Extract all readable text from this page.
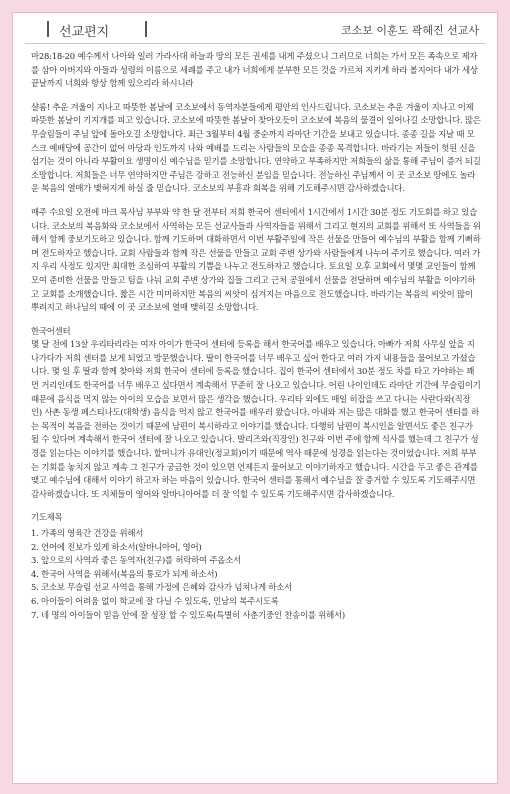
선교편지	코소보 이훈도 곽혜진 선교사

마28:18-20 예수께서 나아와 일러 가라사대 하늘과 땅의 모든 권세를 내게 주셨으니 그러므로 너희는 가서 모든 족속으로 제자를 삼아 아버지와 아들과 성령의 이름으로 세례를 주고 내가 너희에게 분부한 모든 것을 가르쳐 지키게 하라 볼지어다 내가 세상 끝날까지 너희와 항상 함께 있으리라 하시니라

샬롬! 추운 겨울이 지나고 따뜻한 봄날에 코소보에서 동역자분들에게 평안의 인사드립니다. 코소보는 추운 겨울이 지나고 이제 따뜻한 봄날이 기지개를 피고 있습니다. 코소보에 따뜻한 봄날이 찾아오듯이 코소보에 복음의 물결이 일어나길 소망합니다. 많은 무슬림들이 주님 앞에 돌아오길 소망합니다. 최근 3월부터 4월 중순까지 라마단 기간을 보내고 있습니다. 종종 길을 지날 때 모스크 예배당에 공간이 없어 마당과 인도까지 나와 예배를 드리는 사람들의 모습을 종종 목격합니다. 바라기는 저들이 헛된 신을 섬기는 것이 아니라 부활이요 생명이신 예수님을 믿기를 소망합니다. 연약하고 부족하지만 저희들의 삶을 통해 주님이 증거 되길 소망합니다. 저희들은 너무 연약하지만 주님은 강하고 전능하신 분임을 믿습니다. 전능하신 주님께서 이 곳 코소보 땅에도 놀라운 복음의 열매가 맺혀지게 하실 줄 믿습니다. 코소보의 부흥과 회복을 위해 기도해주시면 감사하겠습니다.

매주 수요일 오전에 마크 목사님 부부와 약 한 달 전부터 저희 한국어 센터에서 1시간에서 1시간 30분 정도 기도회를 하고 있습니다. 코소보의 복음화와 코소보에서 사역하는 모든 선교사들과 사역자들을 위해서 그리고 현지의 교회를 위해서 또 사역들을 위해서 함께 중보기도하고 있습니다. 함께 기도하며 대화하면서 이번 부활주일에 작은 선물을 만들어 예수님의 부활을 함께 기뻐하며 전도하자고 했습니다. 교회 사람들과 함께 작은 선물을 만들고 교회 주변 상가와 사람들에게 나누어 주기로 했습니다. 여러 가지 우리 사정도 있지만 최대한 조심하여 부활의 기쁨을 나누고 전도하자고 했습니다. 토요일 오후 교회에서 몇몇 교인들이 함께 모여 준비한 선물을 만들고 팀을 나눠 교회 주변 상가와 집들 그리고 근처 공원에서 선물을 전달하며 예수님의 부활을 이야기하고 교회를 소개했습니다. 짧은 시간 미미하지만 복음의 씨앗이 심겨지는 마음으로 전도했습니다. 바라기는 복음의 씨앗이 많이 뿌려지고 하나님의 때에 이 곳 코소보에 열매 맺히길 소망합니다.

한국어센터

몇 달 전에 13살 우리타리라는 여자 아이가 한국어 센터에 등록을 해서 한국어를 배우고 있습니다. 아빠가 저희 사무실 앞을 지나가다가 저희 센터를 보게 되었고 방문했습니다. 딸이 한국어를 너무 배우고 싶어 한다고 여러 가지 내용들을 물어보고 가셨습니다. 몇 일 후 딸과 함께 찾아와 저희 한국어 센터에 등록을 했습니다. 집이 한국어 센터에서 30분 정도 차를 타고 가야하는 꽤 먼 거리인데도 한국어를 너무 배우고 싶다면서 계속해서 꾸준히 잘 나오고 있습니다. 어린 나이인데도 라마단 기간에 무슬림이기 때문에 음식을 먹지 않는 아이의 모습을 보면서 많은 생각을 했습니다. 우리타 외에도 매일 히잡을 쓰고 다니는 사란다와(직장인) 사촌 동생 페스티나도(대학생) 음식을 먹지 않고 한국어를 배우러 왔습니다. 아내와 저는 많은 대화를 했고 한국어 센터를 하는 목적이 복음을 전하는 것이기 때문에 남편이 복시하라고 이야기를 했습니다. 다행히 남편이 복시인을 알면서도 좋은 친구가 될 수 있다며 계속해서 한국어 센터에 잘 나오고 있습니다. 발리즈와(직장인) 친구와 이번 주에 함께 식사를 했는데 그 친구가 성경을 읽는다는 이야기를 했습니다. 할머니가 유대인(정교회)이기 때문에 역사 때문에 성경을 읽는다는 것이었습니다. 저희 부부는 기회를 놓치지 않고 계속 그 친구가 궁금한 것이 있으면 언제든지 물어보고 이야기하자고 했습니다. 시간을 두고 좋은 관계를 맺고 예수님에 대해서 이야기 하고자 하는 마음이 있습니다. 한국어 센터를 통해서 예수님을 잘 증거할 수 있도록 기도해주시면 감사하겠습니다. 또 지체들이 영어와 알바니아어를 더 잘 익힐 수 있도록 기도해주시면 감사하겠습니다.

기도제목
1. 가족의 영육간 건강을 위해서
2. 언어에 진보가 있게 하소서(알바니아어, 영어)
3. 앞으로의 사역과 좋은 동역자(친구)를 허락하여 주옵소서
4. 한국어 사역을 위해서(복음의 통로가 되게 하소서)
5. 코소보 무슬림 선교 사역을 통해 가정에 은혜와 감사가 넘쳐나게 하소서
6. 아이들이 어려움 없이 학교에 잘 다닐 수 있도록, 민남의 복주시도록
7. 네 명의 아이들이 믿음 안에 잘 성장 할 수 있도록(특별히 사춘기중인 찬송이를 위해서)
